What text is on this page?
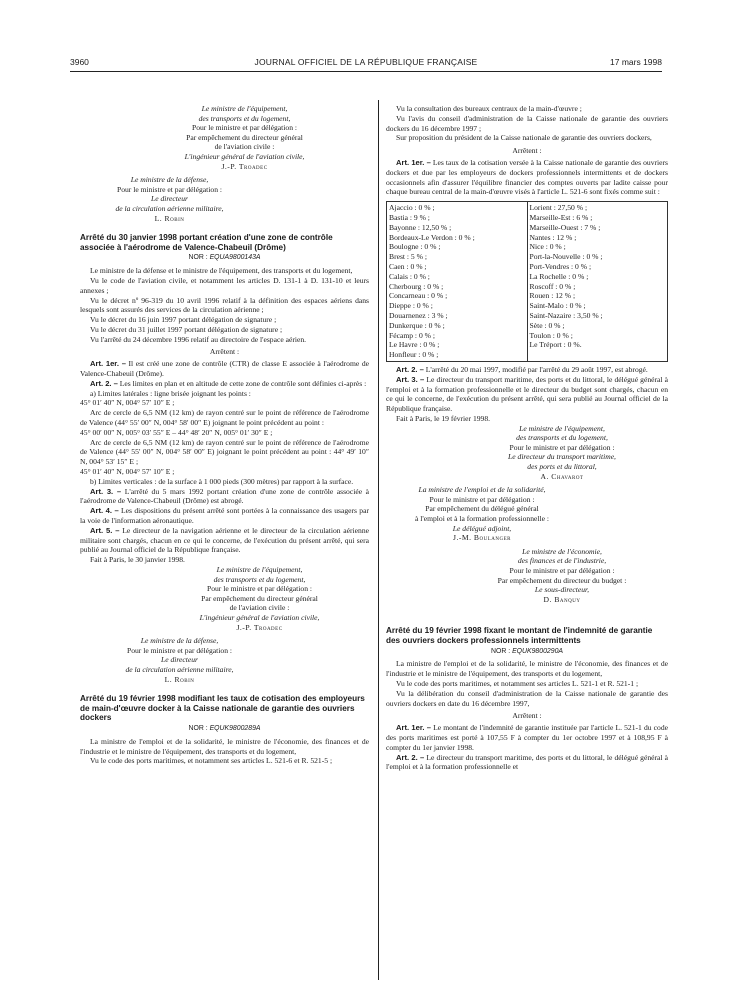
3960	JOURNAL OFFICIEL DE LA RÉPUBLIQUE FRANÇAISE	17 mars 1998
Le ministre de l'équipement,
des transports et du logement,
Pour le ministre et par délégation :
Par empêchement du directeur général
de l'aviation civile :
L'ingénieur général de l'aviation civile,
J.-P. Troadec
Le ministre de la défense,
Pour le ministre et par délégation :
Le directeur
de la circulation aérienne militaire,
L. Robin
Arrêté du 30 janvier 1998 portant création d'une zone de contrôle associée à l'aérodrome de Valence-Chabeuil (Drôme)
NOR : EQUA9800143A

Le ministre de la défense et le ministre de l'équipement, des transports et du logement,

Vu le code de l'aviation civile, et notamment les articles D. 131-1 à D. 131-10 et leurs annexes ;

Vu le décret nº 96-319 du 10 avril 1996 relatif à la définition des espaces aériens dans lesquels sont assurés des services de la circulation aérienne ;

Vu le décret du 16 juin 1997 portant délégation de signature ;

Vu le décret du 31 juillet 1997 portant délégation de signature ;

Vu l'arrêté du 24 décembre 1996 relatif au directoire de l'espace aérien.

Arrêtent :

Art. 1er. – Il est créé une zone de contrôle (CTR) de classe E associée à l'aérodrome de Valence-Chabeuil (Drôme).

Art. 2. – Les limites en plan et en altitude de cette zone de contrôle sont définies ci-après :

a) Limites latérales : ligne brisée joignant les points :

45° 01′ 40″ N, 004° 57′ 10″ E ;

Arc de cercle de 6,5 NM (12 km) de rayon centré sur le point de référence de l'aérodrome de Valence (44° 55′ 00″ N, 004° 58′ 00″ E) joignant le point précédent au point :

45° 00′ 00″ N, 005° 03′ 55″ E – 44° 48′ 20″ N, 005° 01′ 30″ E ;

Arc de cercle de 6,5 NM (12 km) de rayon centré sur le point de référence de l'aérodrome de Valence (44° 55′ 00″ N, 004° 58′ 00″ E) joignant le point précédent au point : 44° 49′ 10″ N, 004° 53′ 15″ E ;

45° 01′ 40″ N, 004° 57′ 10″ E ;

b) Limites verticales : de la surface à 1 000 pieds (300 mètres) par rapport à la surface.

Art. 3. – L'arrêté du 5 mars 1992 portant création d'une zone de contrôle associée à l'aérodrome de Valence-Chabeuil (Drôme) est abrogé.

Art. 4. – Les dispositions du présent arrêté sont portées à la connaissance des usagers par la voie de l'information aéronautique.

Art. 5. – Le directeur de la navigation aérienne et le directeur de la circulation aérienne militaire sont chargés, chacun en ce qui le concerne, de l'exécution du présent arrêté, qui sera publié au Journal officiel de la République française.

Fait à Paris, le 30 janvier 1998.

Le ministre de l'équipement,
des transports et du logement,
Pour le ministre et par délégation :
Par empêchement du directeur général
de l'aviation civile :
L'ingénieur général de l'aviation civile,
J.-P. Troadec
Le ministre de la défense,
Pour le ministre et par délégation :
Le directeur
de la circulation aérienne militaire,
L. Robin
Arrêté du 19 février 1998 modifiant les taux de cotisation des employeurs de main-d'œuvre docker à la Caisse nationale de garantie des ouvriers dockers
NOR : EQUK9800289A

La ministre de l'emploi et de la solidarité, le ministre de l'économie, des finances et de l'industrie et le ministre de l'équipement, des transports et du logement,

Vu le code des ports maritimes, et notamment ses articles L. 521-6 et R. 521-5 ;

Vu la consultation des bureaux centraux de la main-d'œuvre ;

Vu l'avis du conseil d'administration de la Caisse nationale de garantie des ouvriers dockers du 16 décembre 1997 ;

Sur proposition du président de la Caisse nationale de garantie des ouvriers dockers,

Arrêtent :

Art. 1er. – Les taux de la cotisation versée à la Caisse nationale de garantie des ouvriers dockers et due par les employeurs de dockers professionnels intermittents et de dockers occasionnels afin d'assurer l'équilibre financier des comptes ouverts par ladite caisse pour chaque bureau central de la main-d'œuvre visés à l'article L. 521-6 sont fixés comme suit :

Ajaccio : 0 % ;
Bastia : 9 % ;
Bayonne : 12,50 % ;
Bordeaux-Le Verdon : 0 % ;
Boulogne : 0 % ;
Brest : 5 % ;
Caen : 0 % ;
Calais : 0 % ;
Cherbourg : 0 % ;
Concarneau : 0 % ;
Dieppe : 0 % ;
Douarnenez : 3 % ;
Dunkerque : 0 % ;
Fécamp : 0 % ;
Le Havre : 0 % ;
Honfleur : 0 % ;
Lorient : 27,50 % ;
Marseille-Est : 6 % ;
Marseille-Ouest : 7 % ;
Nantes : 12 % ;
Nice : 0 % ;
Port-la-Nouvelle : 0 % ;
Port-Vendres : 0 % ;
La Rochelle : 0 % ;
Roscoff : 0 % ;
Rouen : 12 % ;
Saint-Malo : 0 % ;
Saint-Nazaire : 3,50 % ;
Sète : 0 % ;
Toulon : 0 % ;
Le Tréport : 0 %.

Art. 2. – L'arrêté du 20 mai 1997, modifié par l'arrêté du 29 août 1997, est abrogé.

Art. 3. – Le directeur du transport maritime, des ports et du littoral, le délégué général à l'emploi et à la formation professionnelle et le directeur du budget sont chargés, chacun en ce qui le concerne, de l'exécution du présent arrêté, qui sera publié au Journal officiel de la République française.

Fait à Paris, le 19 février 1998.

Le ministre de l'équipement,
des transports et du logement,
Pour le ministre et par délégation :
Le directeur du transport maritime,
des ports et du littoral,
A. Chavarot
La ministre de l'emploi et de la solidarité,
Pour le ministre et par délégation :
Par empêchement du délégué général
à l'emploi et à la formation professionnelle :
Le délégué adjoint,
J.-M. Boulanger
Le ministre de l'économie,
des finances et de l'industrie,
Pour le ministre et par délégation :
Par empêchement du directeur du budget :
Le sous-directeur,
D. Banquy
Arrêté du 19 février 1998 fixant le montant de l'indemnité de garantie des ouvriers dockers professionnels intermittents
NOR : EQUK9800290A

La ministre de l'emploi et de la solidarité, le ministre de l'économie, des finances et de l'industrie et le ministre de l'équipement, des transports et du logement,

Vu le code des ports maritimes, et notamment ses articles L. 521-1 et R. 521-1 ;

Vu la délibération du conseil d'administration de la Caisse nationale de garantie des ouvriers dockers en date du 16 décembre 1997,

Arrêtent :

Art. 1er. – Le montant de l'indemnité de garantie instituée par l'article L. 521-1 du code des ports maritimes est porté à 107,55 F à compter du 1er octobre 1997 et à 108,95 F à compter du 1er janvier 1998.

Art. 2. – Le directeur du transport maritime, des ports et du littoral, le délégué général à l'emploi et à la formation professionnelle et
